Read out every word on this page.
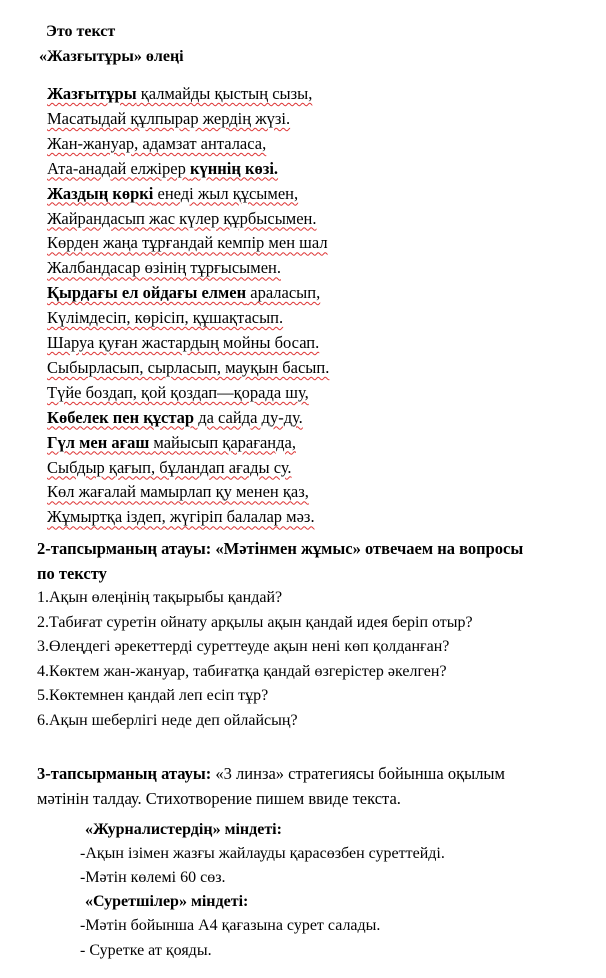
Это текст
«Жазғытұры» өлеңі
Жазғытұры қалмайды қыстың сызы,
Масатыдай құлпырар жердің жүзі.
Жан-жануар, адамзат анталаса,
Ата-анадай елжірер күннің көзі.
Жаздың көркі енеді жыл құсымен,
Жайрандасып жас күлер құрбысымен.
Көрден жаңа тұрғандай кемпір мен шал
Жалбандасар өзінің тұрғысымен.
Қырдағы ел ойдағы елмен араласып,
Күлімдесіп, көрісіп, құшақтасып.
Шаруа қуған жастардың мойны босап.
Сыбырласып, сырласып, мауқын басып.
Түйе боздап, қой қоздап—қорада шу,
Көбелек пен құстар да сайда ду-ду.
Гүл мен ағаш майысып қарағанда,
Сыбдыр қағып, бұландап ағады су.
Көл жағалай мамырлап қу менен қаз,
Жұмыртқа іздеп, жүгіріп балалар мәз.
2-тапсырманың атауы: «Мәтінмен жұмыс» отвечаем на вопросы
по тексту
1.Ақын өлеңінің тақырыбы қандай?
2.Табиғат суретін ойнату арқылы ақын қандай идея беріп отыр?
3.Өлеңдегі әрекеттерді суреттеуде ақын нені көп қолданған?
4.Көктем жан-жануар, табиғатқа қандай өзгерістер әкелген?
5.Көктемнен қандай леп есіп тұр?
6.Ақын шеберлігі неде деп ойлайсың?
3-тапсырманың атауы: «3 линза» стратегиясы бойынша оқылым
мәтінін талдау. Стихотворение пишем ввиде текста.
«Журналистердің» міндеті:
-Ақын ізімен жазғы жайлауды қарасөзбен суреттейді.
-Мәтін көлемі 60 сөз.
«Суретшілер» міндеті:
-Мәтін бойынша А4 қағазына сурет салады.
- Суретке ат қояды.
